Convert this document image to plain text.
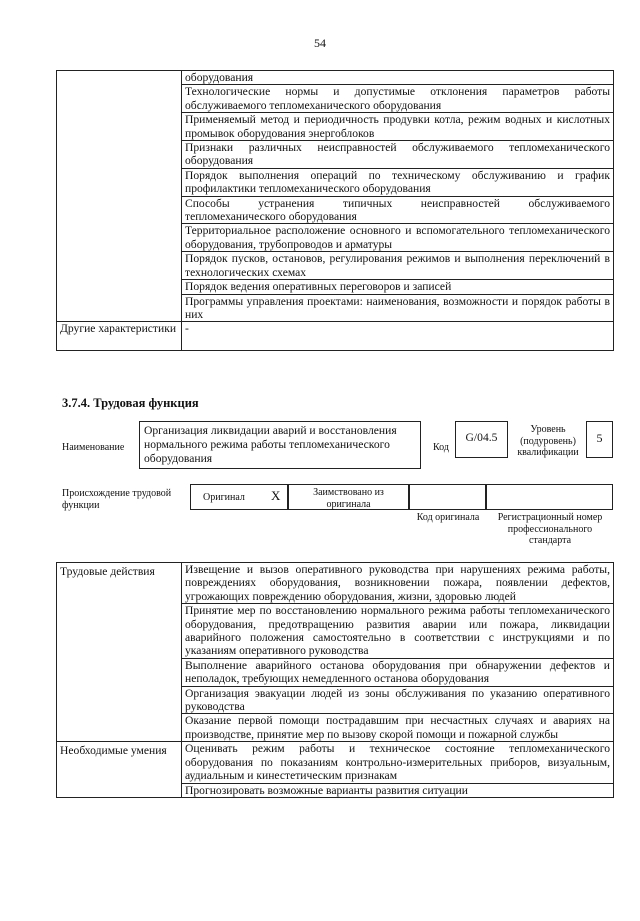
54
	оборудования
	Технологические нормы и допустимые отклонения параметров работы обслуживаемого тепломеханического оборудования
	Применяемый метод и периодичность продувки котла, режим водных и кислотных промывок оборудования энергоблоков
	Признаки различных неисправностей обслуживаемого тепломеханического оборудования
	Порядок выполнения операций по техническому обслуживанию и график профилактики тепломеханического оборудования
	Способы устранения типичных неисправностей обслуживаемого тепломеханического оборудования
	Территориальное расположение основного и вспомогательного тепломеханического оборудования, трубопроводов и арматуры
	Порядок пусков, остановов, регулирования режимов и выполнения переключений в технологических схемах
	Порядок ведения оперативных переговоров и записей
	Программы управления проектами: наименования, возможности и порядок работы в них
Другие характеристики	-
3.7.4. Трудовая функция
Наименование
Организация ликвидации аварий и восстановления нормального режима работы тепломеханического оборудования
Код
G/04.5
Уровень (подуровень) квалификации
5
Происхождение трудовой функции
Оригинал X	Заимствовано из оригинала
Код оригинала	Регистрационный номер профессионального стандарта
Трудовые действия	Извещение и вызов оперативного руководства при нарушениях режима работы, повреждениях оборудования, возникновении пожара, появлении дефектов, угрожающих повреждению оборудования, жизни, здоровью людей
	Принятие мер по восстановлению нормального режима работы тепломеханического оборудования, предотвращению развития аварии или пожара, ликвидации аварийного положения самостоятельно в соответствии с инструкциями и по указаниям оперативного руководства
	Выполнение аварийного останова оборудования при обнаружении дефектов и неполадок, требующих немедленного останова оборудования
	Организация эвакуации людей из зоны обслуживания по указанию оперативного руководства
	Оказание первой помощи пострадавшим при несчастных случаях и авариях на производстве, принятие мер по вызову скорой помощи и пожарной службы
Необходимые умения	Оценивать режим работы и техническое состояние тепломеханического оборудования по показаниям контрольно-измерительных приборов, визуальным, аудиальным и кинестетическим признакам
	Прогнозировать возможные варианты развития ситуации
